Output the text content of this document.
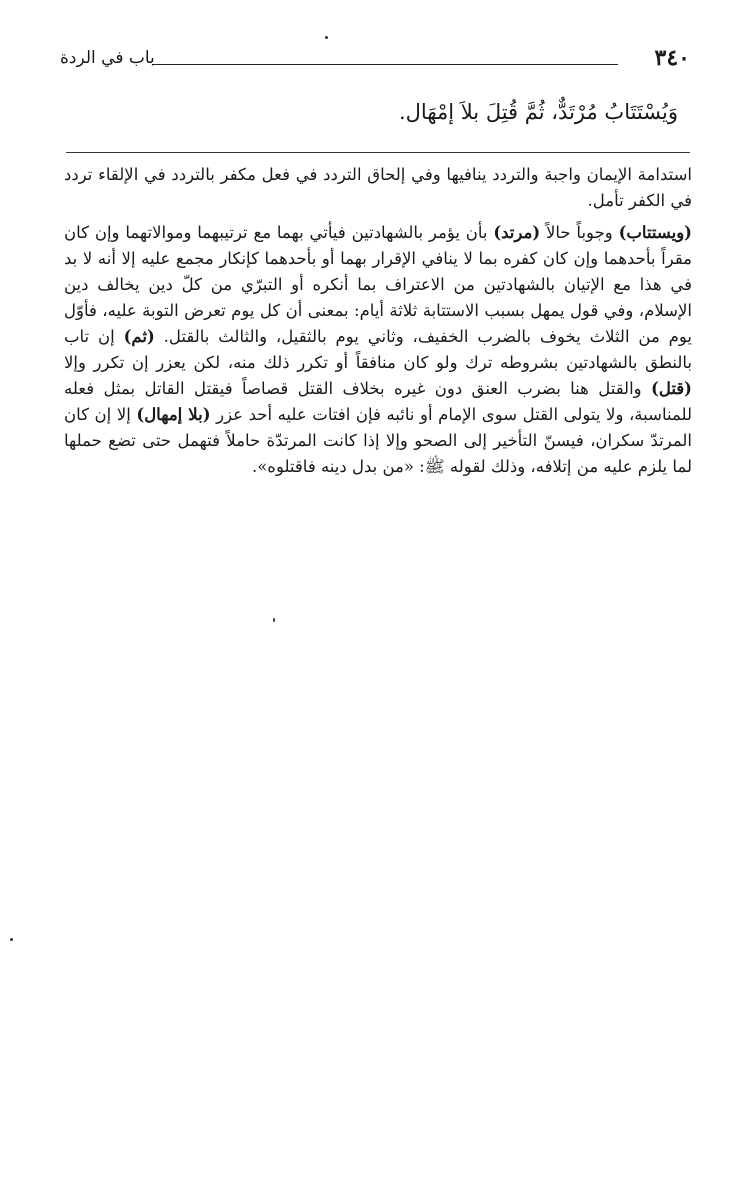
٣٤٠
باب في الردة
وَيُسْتَتَابُ مُرْتَدٌّ، ثُمَّ قُتِلَ بلاَ إمْهَال.

استدامة الإيمان واجبة والتردد ينافيها وفي إلحاق التردد في فعل مكفر بالتردد في الإلقاء تردد في الكفر تأمل.

(ويستتاب) وجوباً حالاً (مرتد) بأن يؤمر بالشهادتين فيأتي بهما مع ترتيبهما وموالاتهما وإن كان مقراً بأحدهما وإن كان كفره بما لا ينافي الإقرار بهما أو بأحدهما كإنكار مجمع عليه إلا أنه لا بد في هذا مع الإتيان بالشهادتين من الاعتراف بما أنكره أو التبرّي من كلّ دين يخالف دين الإسلام، وفي قول يمهل بسبب الاستتابة ثلاثة أيام: بمعنى أن كل يوم تعرض التوبة عليه، فأوّل يوم من الثلاث يخوف بالضرب الخفيف، وثاني يوم بالثقيل، والثالث بالقتل. (ثم) إن تاب بالنطق بالشهادتين بشروطه ترك ولو كان منافقاً أو تكرر ذلك منه، لكن يعزر إن تكرر وإلا (قتل) والقتل هنا بضرب العنق دون غيره بخلاف القتل قصاصاً فيقتل القاتل بمثل فعله للمناسبة، ولا يتولى القتل سوى الإمام أو نائبه فإن افتات عليه أحد عزر (بلا إمهال) إلا إن كان المرتدّ سكران، فيسنّ التأخير إلى الصحو وإلا إذا كانت المرتدّة حاملاً فتهمل حتى تضع حملها لما يلزم عليه من إتلافه، وذلك لقوله ﷺ: «من بدل دينه فاقتلوه».
